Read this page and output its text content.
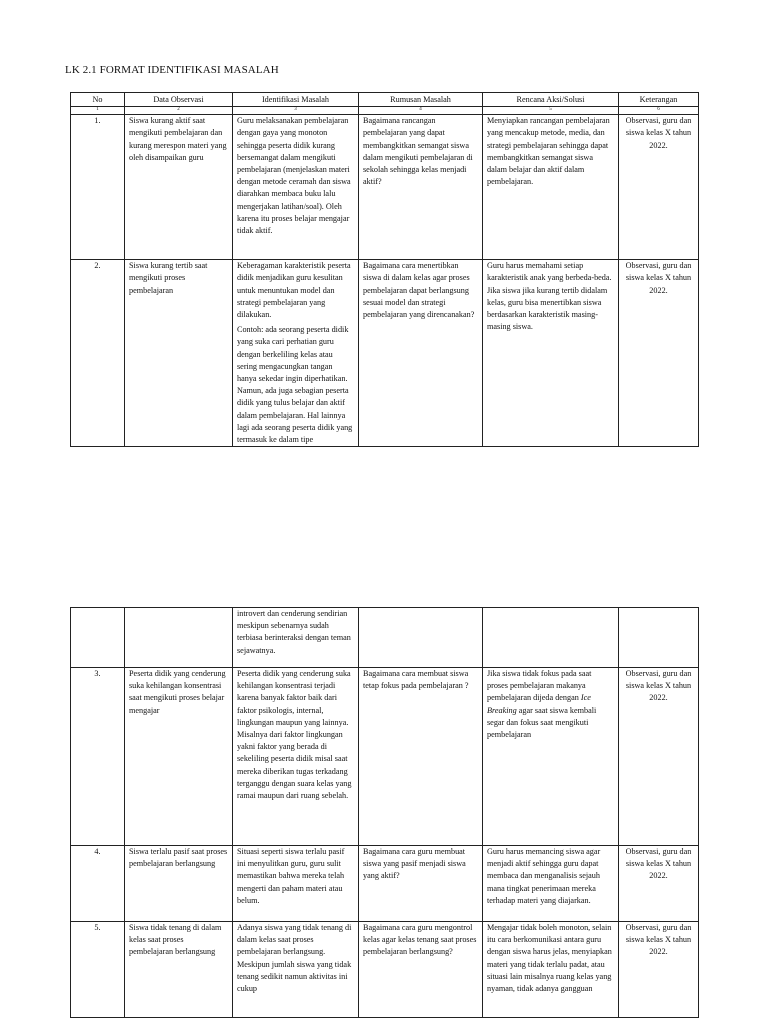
LK 2.1 FORMAT IDENTIFIKASI MASALAH
No	Data Observasi	Identifikasi Masalah	Rumusan Masalah	Rencana Aksi/Solusi	Keterangan
1	2	3	4	5	6
1.	Siswa kurang aktif saat mengikuti pembelajaran dan kurang merespon materi yang oleh disampaikan guru	Guru melaksanakan pembelajaran dengan gaya yang monoton sehingga peserta didik kurang bersemangat dalam mengikuti pembelajaran (menjelaskan materi dengan metode ceramah dan siswa diarahkan membaca buku lalu mengerjakan latihan/soal). Oleh karena itu proses belajar mengajar tidak aktif.	Bagaimana rancangan pembelajaran yang dapat membangkitkan semangat siswa dalam mengikuti pembelajaran di sekolah sehingga kelas menjadi aktif?	Menyiapkan rancangan pembelajaran yang mencakup metode, media, dan strategi pembelajaran sehingga dapat membangkitkan semangat siswa dalam belajar dan aktif dalam pembelajaran.	Observasi, guru dan siswa kelas X tahun 2022.
2.	Siswa kurang tertib saat mengikuti proses pembelajaran	Keberagaman karakteristik peserta didik menjadikan guru kesulitan untuk menuntukan model dan strategi pembelajaran yang dilakukan.
Contoh: ada seorang peserta didik yang suka cari perhatian guru dengan berkeliling kelas atau sering mengacungkan tangan hanya sekedar ingin diperhatikan. Namun, ada juga sebagian peserta didik yang tulus belajar dan aktif dalam pembelajaran. Hal lainnya lagi ada seorang peserta didik yang termasuk ke dalam tipe	Bagaimana cara menertibkan siswa di dalam kelas agar proses pembelajaran dapat berlangsung sesuai model dan strategi pembelajaran yang direncanakan?	Guru harus memahami setiap karakteristik anak yang berbeda-beda. Jika siswa jika kurang tertib didalam kelas, guru bisa menertibkan siswa berdasarkan karakteristik masing-masing siswa.	Observasi, guru dan siswa kelas X tahun 2022.
		introvert dan cenderung sendirian meskipun sebenarnya sudah terbiasa berinteraksi dengan teman sejawatnya.			
3.	Peserta didik yang cenderung suka kehilangan konsentrasi saat mengikuti proses belajar mengajar	Peserta didik yang cenderung suka kehilangan konsentrasi terjadi karena banyak faktor baik dari faktor psikologis, internal, lingkungan maupun yang lainnya. Misalnya dari faktor lingkungan yakni faktor yang berada di sekeliling peserta didik misal saat mereka diberikan tugas terkadang terganggu dengan suara kelas yang ramai maupun dari ruang sebelah.	Bagaimana cara membuat siswa tetap fokus pada pembelajaran ?	Jika siswa tidak fokus pada saat proses pembelajaran makanya pembelajaran dijeda dengan Ice Breaking agar saat siswa kembali segar dan fokus saat mengikuti pembelajaran	Observasi, guru dan siswa kelas X tahun 2022.
4.	Siswa terlalu pasif saat proses pembelajaran berlangsung	Situasi seperti siswa terlalu pasif ini menyulitkan guru, guru sulit memastikan bahwa mereka telah mengerti dan paham materi atau belum.	Bagaimana cara guru membuat siswa yang pasif menjadi siswa yang aktif?	Guru harus memancing siswa agar menjadi aktif sehingga guru dapat membaca dan menganalisis sejauh mana tingkat penerimaan mereka terhadap materi yang diajarkan.	Observasi, guru dan siswa kelas X tahun 2022.
5.	Siswa tidak tenang di dalam kelas saat proses pembelajaran berlangsung	Adanya siswa yang tidak tenang di dalam kelas saat proses pembelajaran berlangsung. Meskipun jumlah siswa yang tidak tenang sedikit namun aktivitas ini cukup	Bagaimana cara guru mengontrol kelas agar kelas tenang saat proses pembelajaran berlangsung?	Mengajar tidak boleh monoton, selain itu cara berkomunikasi antara guru dengan siswa harus jelas, menyiapkan materi yang tidak terlalu padat, atau situasi lain misalnya ruang kelas yang nyaman, tidak adanya gangguan	Observasi, guru dan siswa kelas X tahun 2022.
